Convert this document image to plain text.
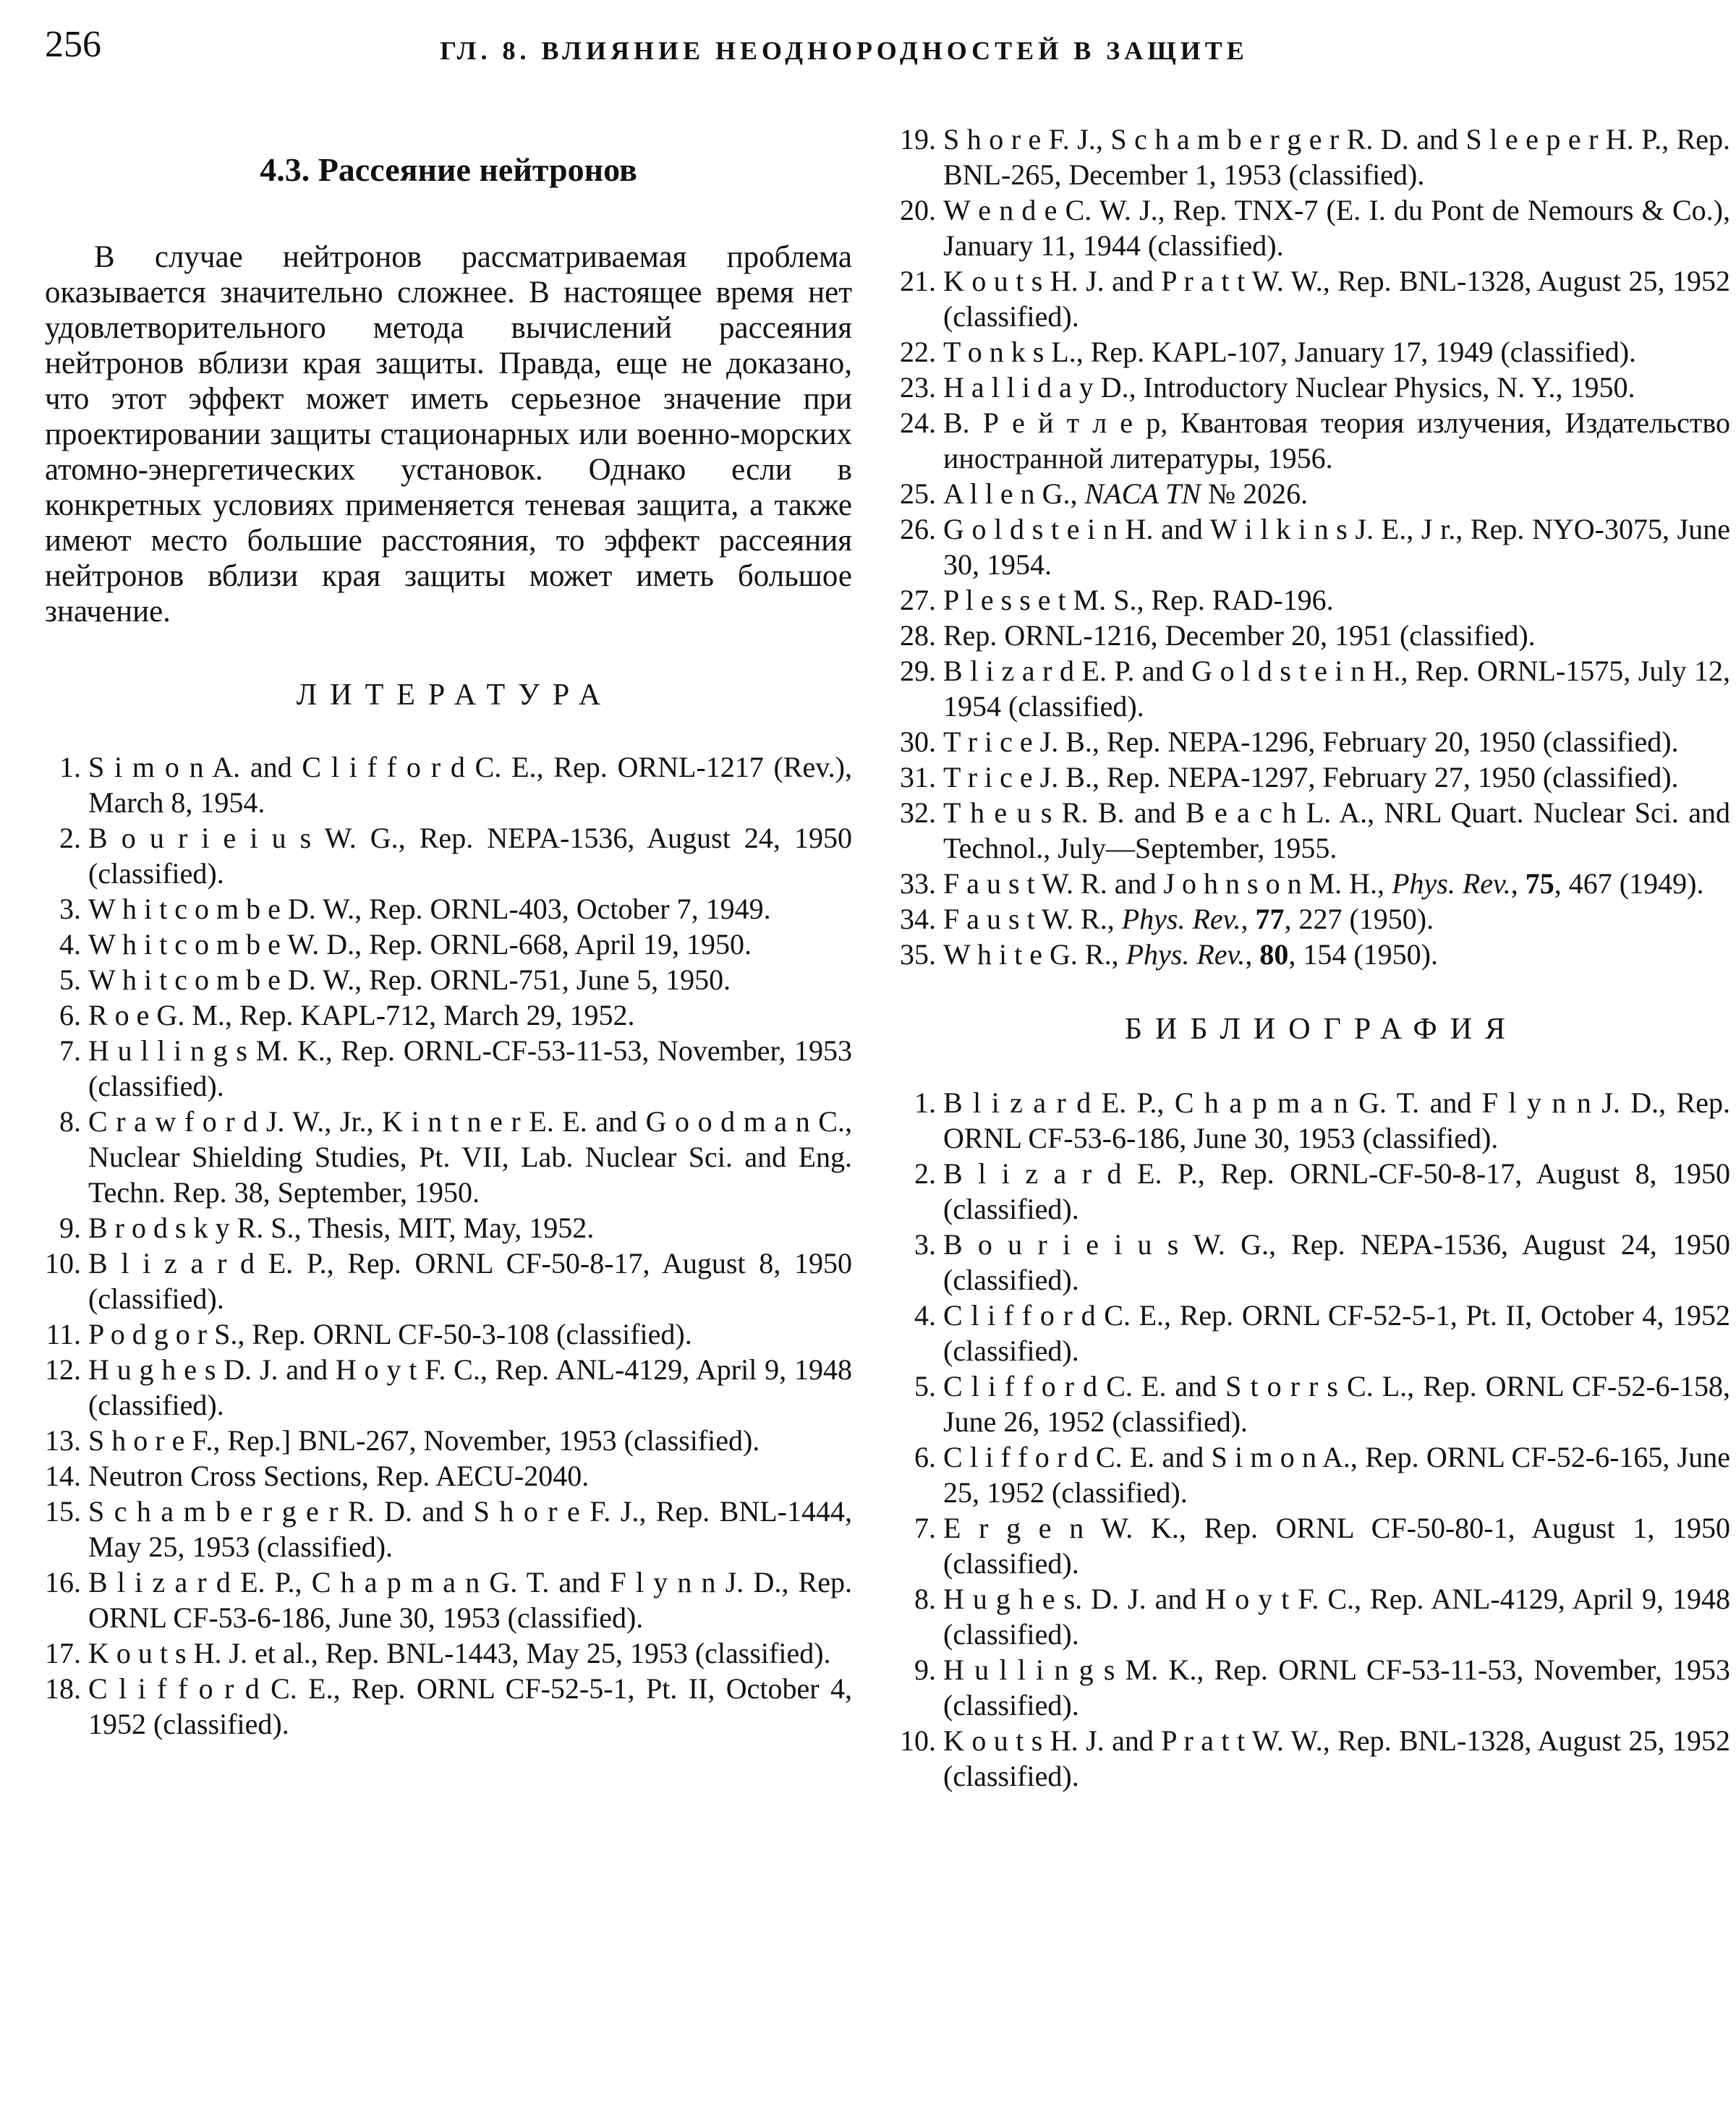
256	ГЛ. 8. ВЛИЯНИЕ НЕОДНОРОДНОСТЕЙ В ЗАЩИТЕ
4.3. Рассеяние нейтронов

В случае нейтронов рассматриваемая проблема оказывается значительно сложнее. В настоящее время нет удовлетворительного метода вычислений рассеяния нейтронов вблизи края защиты. Правда, еще не доказано, что этот эффект может иметь серьезное значение при проектировании защиты стационарных или военно-морских атомно-энергетических установок. Однако если в конкретных условиях применяется теневая защита, а также имеют место большие расстояния, то эффект рассеяния нейтронов вблизи края защиты может иметь большое значение.

ЛИТЕРАТУРА
1. S i m o n A. and C l i f f o r d C. E., Rep. ORNL-1217 (Rev.), March 8, 1954.
2. B o u r i e i u s W. G., Rep. NEPA-1536, August 24, 1950 (classified).
3. W h i t c o m b e D. W., Rep. ORNL-403, October 7, 1949.
4. W h i t c o m b e W. D., Rep. ORNL-668, April 19, 1950.
5. W h i t c o m b e D. W., Rep. ORNL-751, June 5, 1950.
6. R o e G. M., Rep. KAPL-712, March 29, 1952.
7. H u l l i n g s M. K., Rep. ORNL-CF-53-11-53, November, 1953 (classified).
8. C r a w f o r d J. W., Jr., K i n t n e r E. E. and G o o d m a n C., Nuclear Shielding Studies, Pt. VII, Lab. Nuclear Sci. and Eng. Techn. Rep. 38, September, 1950.
9. B r o d s k y R. S., Thesis, MIT, May, 1952.
10. B l i z a r d E. P., Rep. ORNL CF-50-8-17, August 8, 1950 (classified).
11. P o d g o r S., Rep. ORNL CF-50-3-108 (classified).
12. H u g h e s D. J. and H o y t F. C., Rep. ANL-4129, April 9, 1948 (classified).
13. S h o r e F., Rep.] BNL-267, November, 1953 (classified).
14. Neutron Cross Sections, Rep. AECU-2040.
15. S c h a m b e r g e r R. D. and S h o r e F. J., Rep. BNL-1444, May 25, 1953 (classified).
16. B l i z a r d E. P., C h a p m a n G. T. and F l y n n J. D., Rep. ORNL CF-53-6-186, June 30, 1953 (classified).
17. K o u t s H. J. et al., Rep. BNL-1443, May 25, 1953 (classified).
18. C l i f f o r d C. E., Rep. ORNL CF-52-5-1, Pt. II, October 4, 1952 (classified).
19. S h o r e F. J., S c h a m b e r g e r R. D. and S l e e p e r H. P., Rep. BNL-265, December 1, 1953 (classified).
20. W e n d e C. W. J., Rep. TNX-7 (E. I. du Pont de Nemours & Co.), January 11, 1944 (classified).
21. K o u t s H. J. and P r a t t W. W., Rep. BNL-1328, August 25, 1952 (classified).
22. T o n k s L., Rep. KAPL-107, January 17, 1949 (classified).
23. H a l l i d a y D., Introductory Nuclear Physics, N. Y., 1950.
24. В. Р е й т л е р, Квантовая теория излучения, Издательство иностранной литературы, 1956.
25. A l l e n G., NACA TN № 2026.
26. G o l d s t e i n H. and W i l k i n s J. E., J r., Rep. NYO-3075, June 30, 1954.
27. P l e s s e t M. S., Rep. RAD-196.
28. Rep. ORNL-1216, December 20, 1951 (classified).
29. B l i z a r d E. P. and G o l d s t e i n H., Rep. ORNL-1575, July 12, 1954 (classified).
30. T r i c e J. B., Rep. NEPA-1296, February 20, 1950 (classified).
31. T r i c e J. B., Rep. NEPA-1297, February 27, 1950 (classified).
32. T h e u s R. B. and B e a c h L. A., NRL Quart. Nuclear Sci. and Technol., July—September, 1955.
33. F a u s t W. R. and J o h n s o n M. H., Phys. Rev., 75, 467 (1949).
34. F a u s t W. R., Phys. Rev., 77, 227 (1950).
35. W h i t e G. R., Phys. Rev., 80, 154 (1950).
БИБЛИОГРАФИЯ
1. B l i z a r d E. P., C h a p m a n G. T. and F l y n n J. D., Rep. ORNL CF-53-6-186, June 30, 1953 (classified).
2. B l i z a r d E. P., Rep. ORNL-CF-50-8-17, August 8, 1950 (classified).
3. B o u r i e i u s W. G., Rep. NEPA-1536, August 24, 1950 (classified).
4. C l i f f o r d C. E., Rep. ORNL CF-52-5-1, Pt. II, October 4, 1952 (classified).
5. C l i f f o r d C. E. and S t o r r s C. L., Rep. ORNL CF-52-6-158, June 26, 1952 (classified).
6. C l i f f o r d C. E. and S i m o n A., Rep. ORNL CF-52-6-165, June 25, 1952 (classified).
7. E r g e n W. K., Rep. ORNL CF-50-80-1, August 1, 1950 (classified).
8. H u g h e s. D. J. and H o y t F. C., Rep. ANL-4129, April 9, 1948 (classified).
9. H u l l i n g s M. K., Rep. ORNL CF-53-11-53, November, 1953 (classified).
10. K o u t s H. J. and P r a t t W. W., Rep. BNL-1328, August 25, 1952 (classified).
